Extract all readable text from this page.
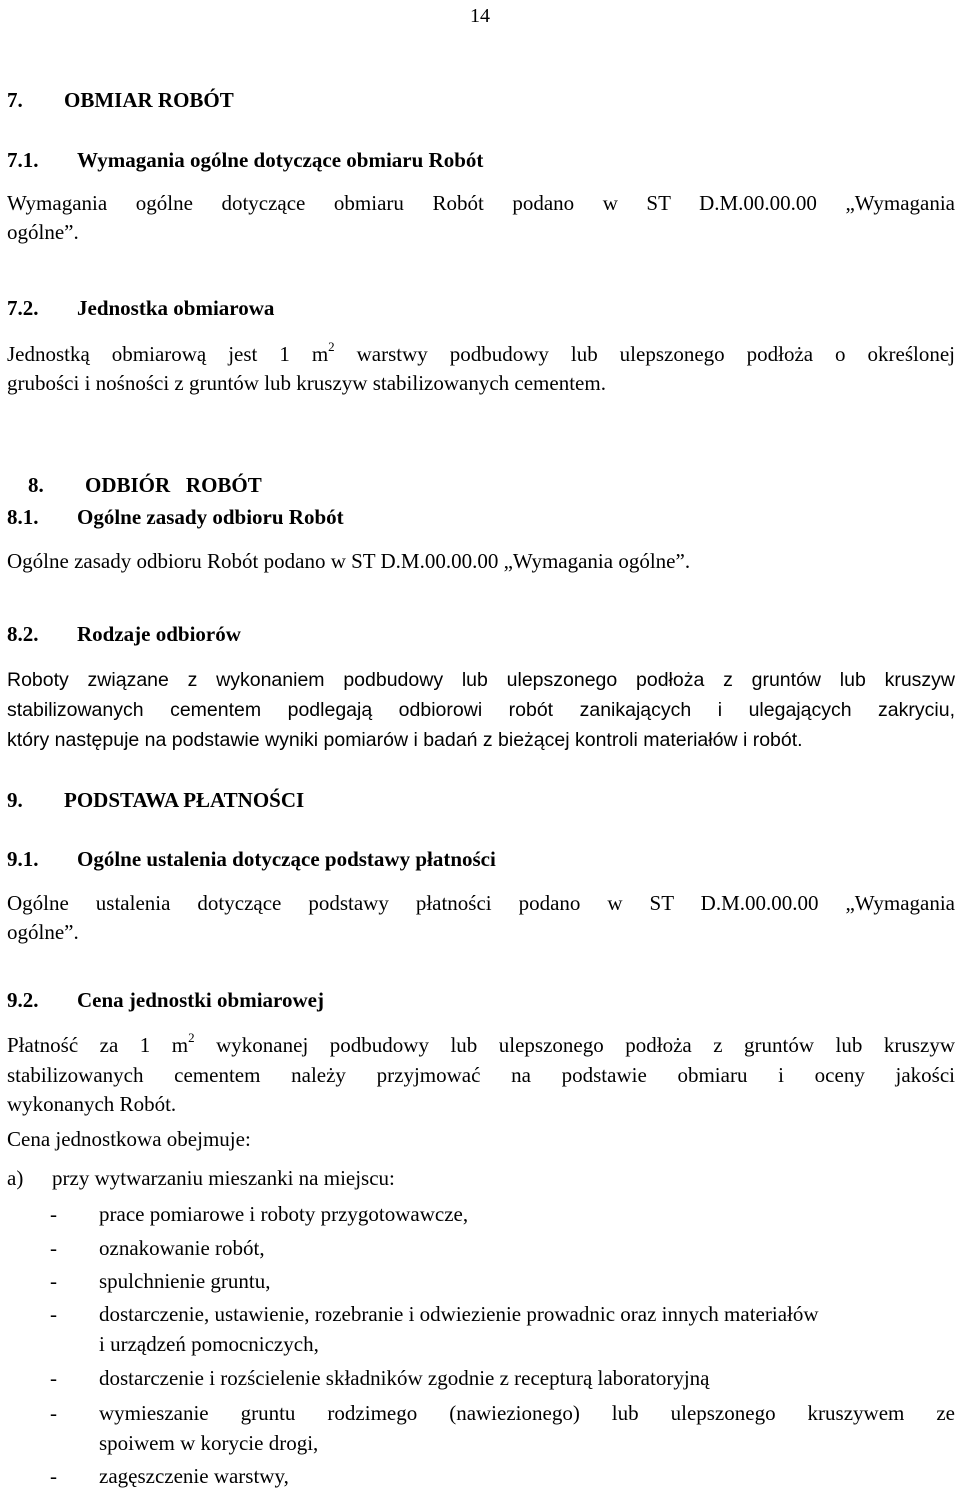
14
7. OBMIAR ROBÓT
7.1. Wymagania ogólne dotyczące obmiaru Robót

Wymagania ogólne dotyczące obmiaru Robót podano w ST D.M.00.00.00 „Wymagania

ogólne”.

7.2. Jednostka obmiarowa

Jednostką obmiarową jest 1 $m^2$ warstwy podbudowy lub ulepszonego podłoża o określonej

grubości i nośności z gruntów lub kruszyw stabilizowanych cementem.

8. ODBIÓR   ROBÓT

8.1. Ogólne zasady odbioru Robót

Ogólne zasady odbioru Robót podano w ST D.M.00.00.00 „Wymagania ogólne”.

8.2. Rodzaje odbiorów

Roboty związane z wykonaniem podbudowy lub ulepszonego podłoża z gruntów lub kruszyw

stabilizowanych cementem podlegają odbiorowi robót zanikających i ulegających zakryciu,

który następuje na podstawie wyniki pomiarów i badań z bieżącej kontroli materiałów i robót.

9. PODSTAWA PŁATNOŚCI
9.1. Ogólne ustalenia dotyczące podstawy płatności

Ogólne ustalenia dotyczące podstawy płatności podano w ST D.M.00.00.00 „Wymagania

ogólne”.

9.2. Cena jednostki obmiarowej

Płatność za 1 $m^2$ wykonanej podbudowy lub ulepszonego podłoża z gruntów lub kruszyw

stabilizowanych cementem należy przyjmować na podstawie obmiaru i oceny jakości

wykonanych Robót.

Cena jednostkowa obejmuje:

a) przy wytwarzaniu mieszanki na miejscu:
- prace pomiarowe i roboty przygotowawcze,
- oznakowanie robót,
- spulchnienie gruntu,
- dostarczenie, ustawienie, rozebranie i odwiezienie prowadnic oraz innych materiałów
i urządzeń pomocniczych,
- dostarczenie i rozścielenie składników zgodnie z recepturą laboratoryjną
- wymieszanie gruntu rodzimego (nawiezionego) lub ulepszonego kruszywem ze
spoiwem w korycie drogi,
- zagęszczenie warstwy,
